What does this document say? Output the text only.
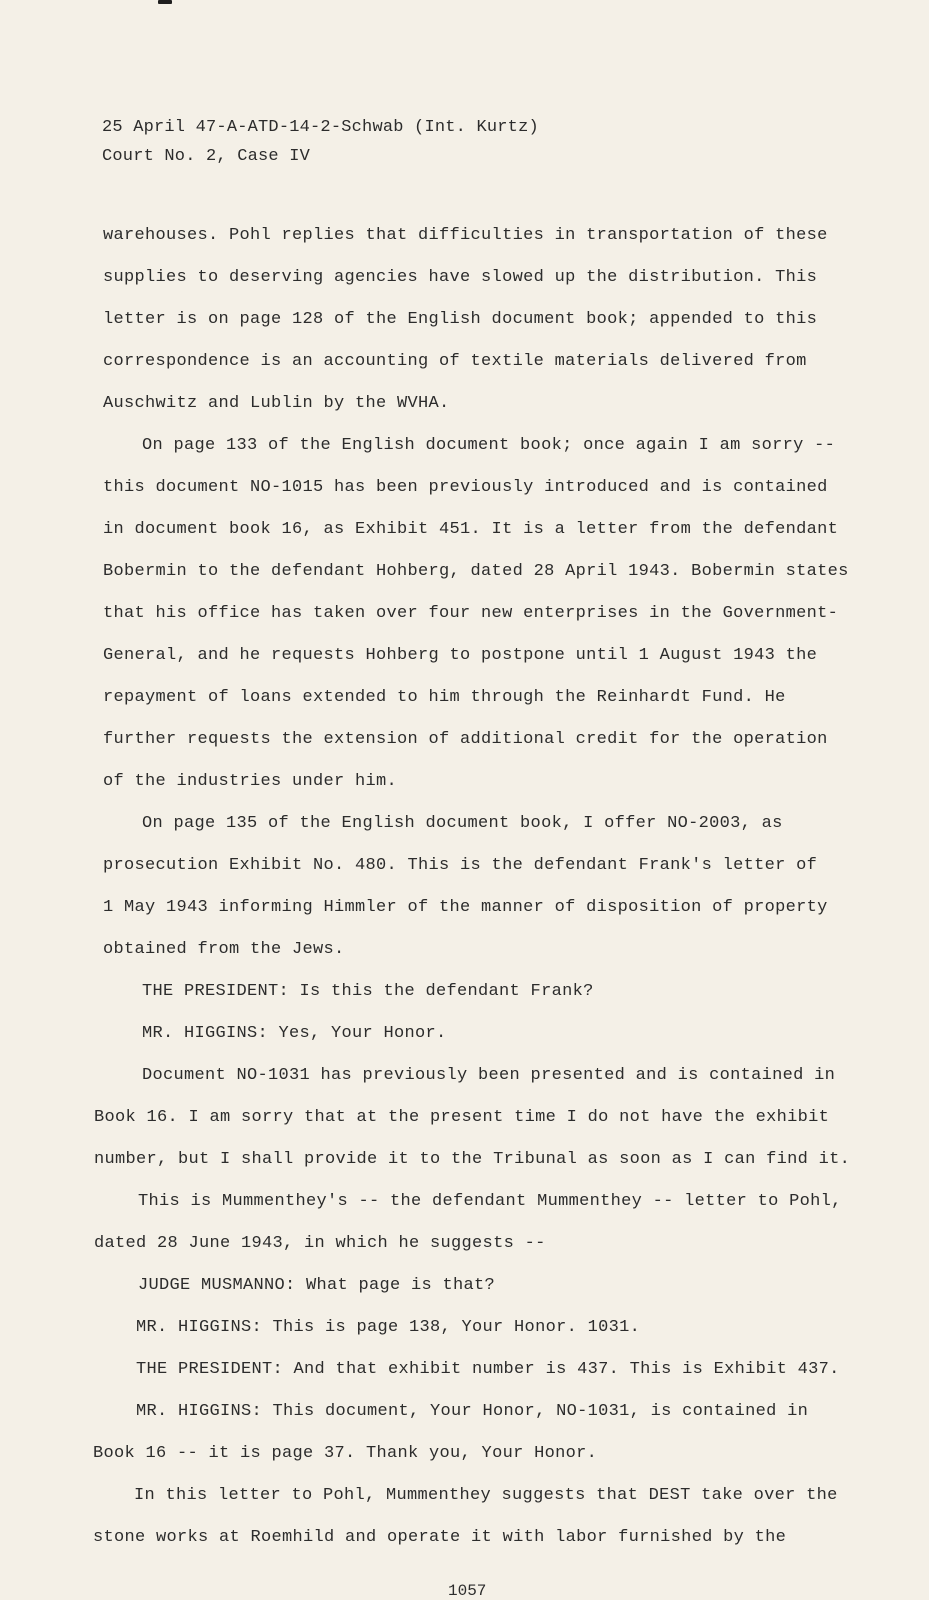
25 April 47-A-ATD-14-2-Schwab (Int. Kurtz)
Court No. 2, Case IV
warehouses. Pohl replies that difficulties in transportation of these
supplies to deserving agencies have slowed up the distribution. This
letter is on page 128 of the English document book; appended to this
correspondence is an accounting of textile materials delivered from
Auschwitz and Lublin by the WVHA.
On page 133 of the English document book; once again I am sorry --
this document NO-1015 has been previously introduced and is contained
in document book 16, as Exhibit 451. It is a letter from the defendant
Bobermin to the defendant Hohberg, dated 28 April 1943. Bobermin states
that his office has taken over four new enterprises in the Government-
General, and he requests Hohberg to postpone until 1 August 1943 the
repayment of loans extended to him through the Reinhardt Fund. He
further requests the extension of additional credit for the operation
of the industries under him.
On page 135 of the English document book, I offer NO-2003, as
prosecution Exhibit No. 480. This is the defendant Frank's letter of
1 May 1943 informing Himmler of the manner of disposition of property
obtained from the Jews.
THE PRESIDENT: Is this the defendant Frank?
MR. HIGGINS: Yes, Your Honor.
Document NO-1031 has previously been presented and is contained in
Book 16. I am sorry that at the present time I do not have the exhibit
number, but I shall provide it to the Tribunal as soon as I can find it.
This is Mummenthey's -- the defendant Mummenthey -- letter to Pohl,
dated 28 June 1943, in which he suggests --
JUDGE MUSMANNO: What page is that?
MR. HIGGINS: This is page 138, Your Honor. 1031.
THE PRESIDENT: And that exhibit number is 437. This is Exhibit 437.
MR. HIGGINS: This document, Your Honor, NO-1031, is contained in
Book 16 -- it is page 37. Thank you, Your Honor.
In this letter to Pohl, Mummenthey suggests that DEST take over the
stone works at Roemhild and operate it with labor furnished by the
1057
